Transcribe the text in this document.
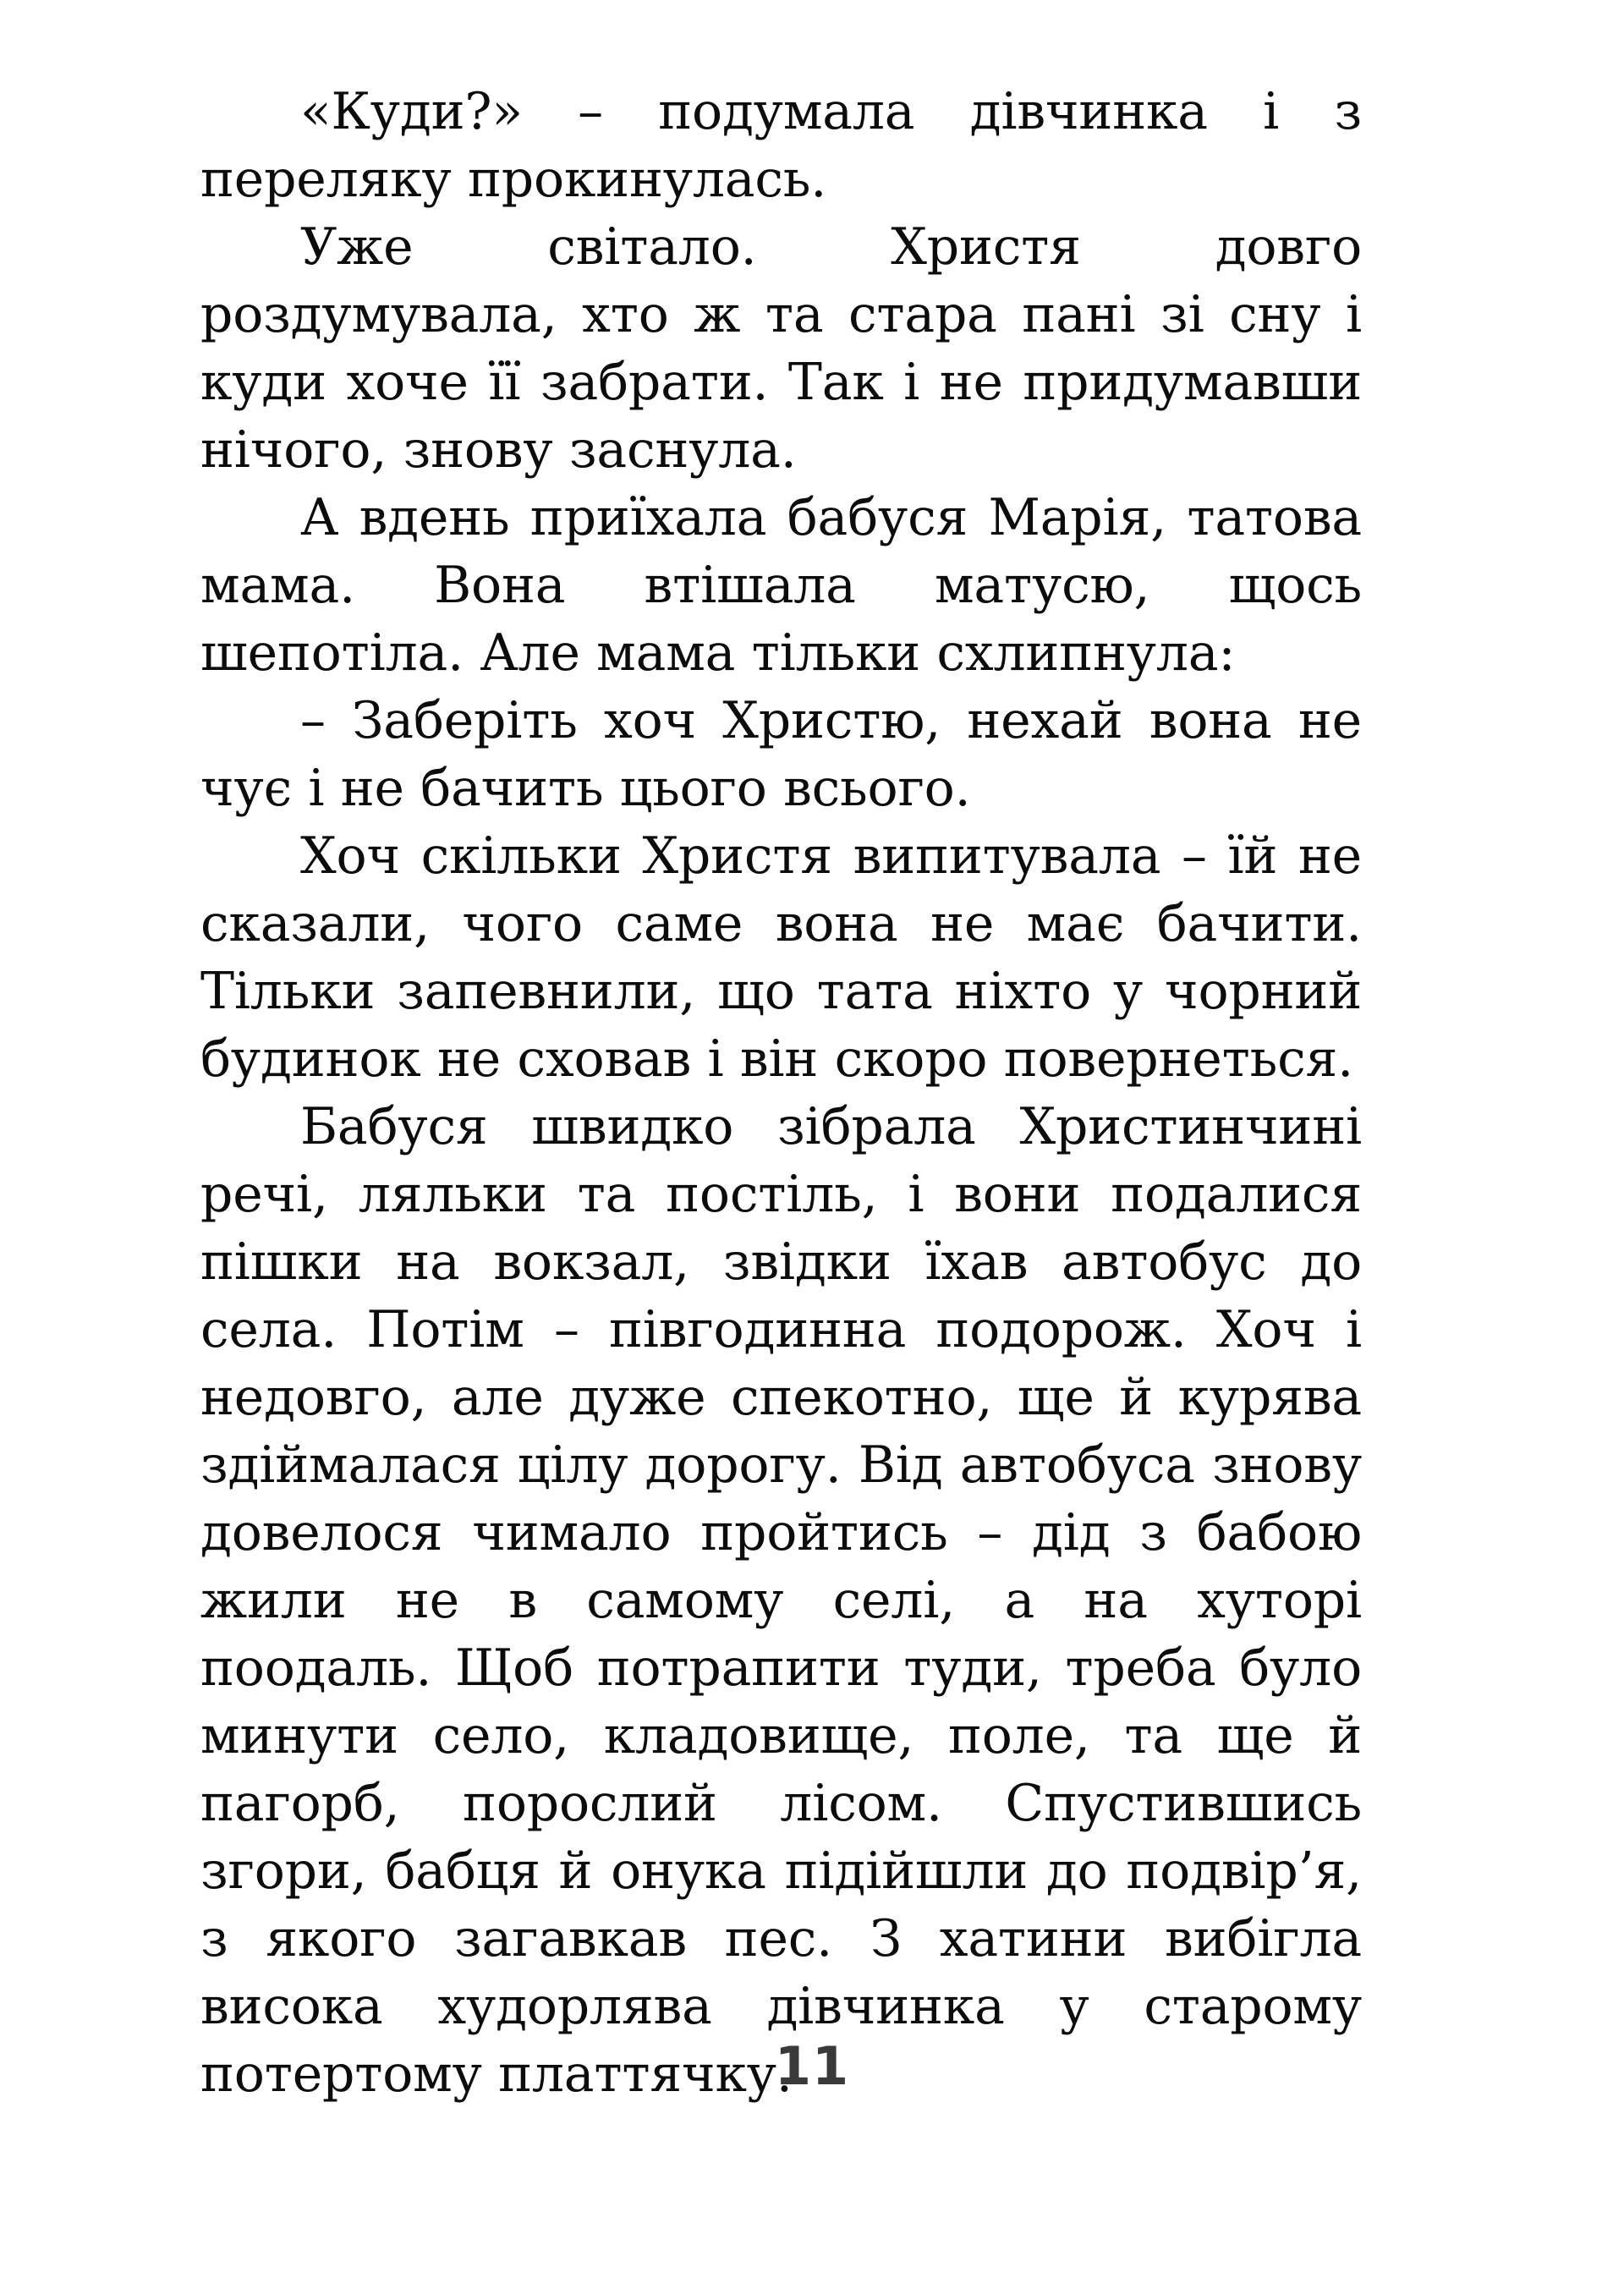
«Куди?» – подумала дівчинка і з переляку прокинулась.

Уже світало. Христя довго роздумувала, хто ж та стара пані зі сну і куди хоче її забрати. Так і не придумавши нічого, знову заснула.

А вдень приїхала бабуся Марія, татова мама. Вона втішала матусю, щось шепотіла. Але мама тільки схлипнула:

– Заберіть хоч Христю, нехай вона не чує і не бачить цього всього.

Хоч скільки Христя випитувала – їй не сказали, чого саме вона не має бачити. Тільки запевнили, що тата ніхто у чорний будинок не сховав і він скоро повернеться.

Бабуся швидко зібрала Христинчині речі, ляльки та постіль, і вони подалися пішки на вокзал, звідки їхав автобус до села. Потім – півгодинна подорож. Хоч і недовго, але дуже спекотно, ще й курява здіймалася цілу дорогу. Від автобуса знову довелося чимало пройтись – дід з бабою жили не в самому селі, а на хуторі поодаль. Щоб потрапити туди, треба було минути село, кладовище, поле, та ще й пагорб, порослий лісом. Спустившись згори, бабця й онука підійшли до подвір’я, з якого загавкав пес. З хатини вибігла висока худорлява дівчинка у старому потертому платтячку.

11
